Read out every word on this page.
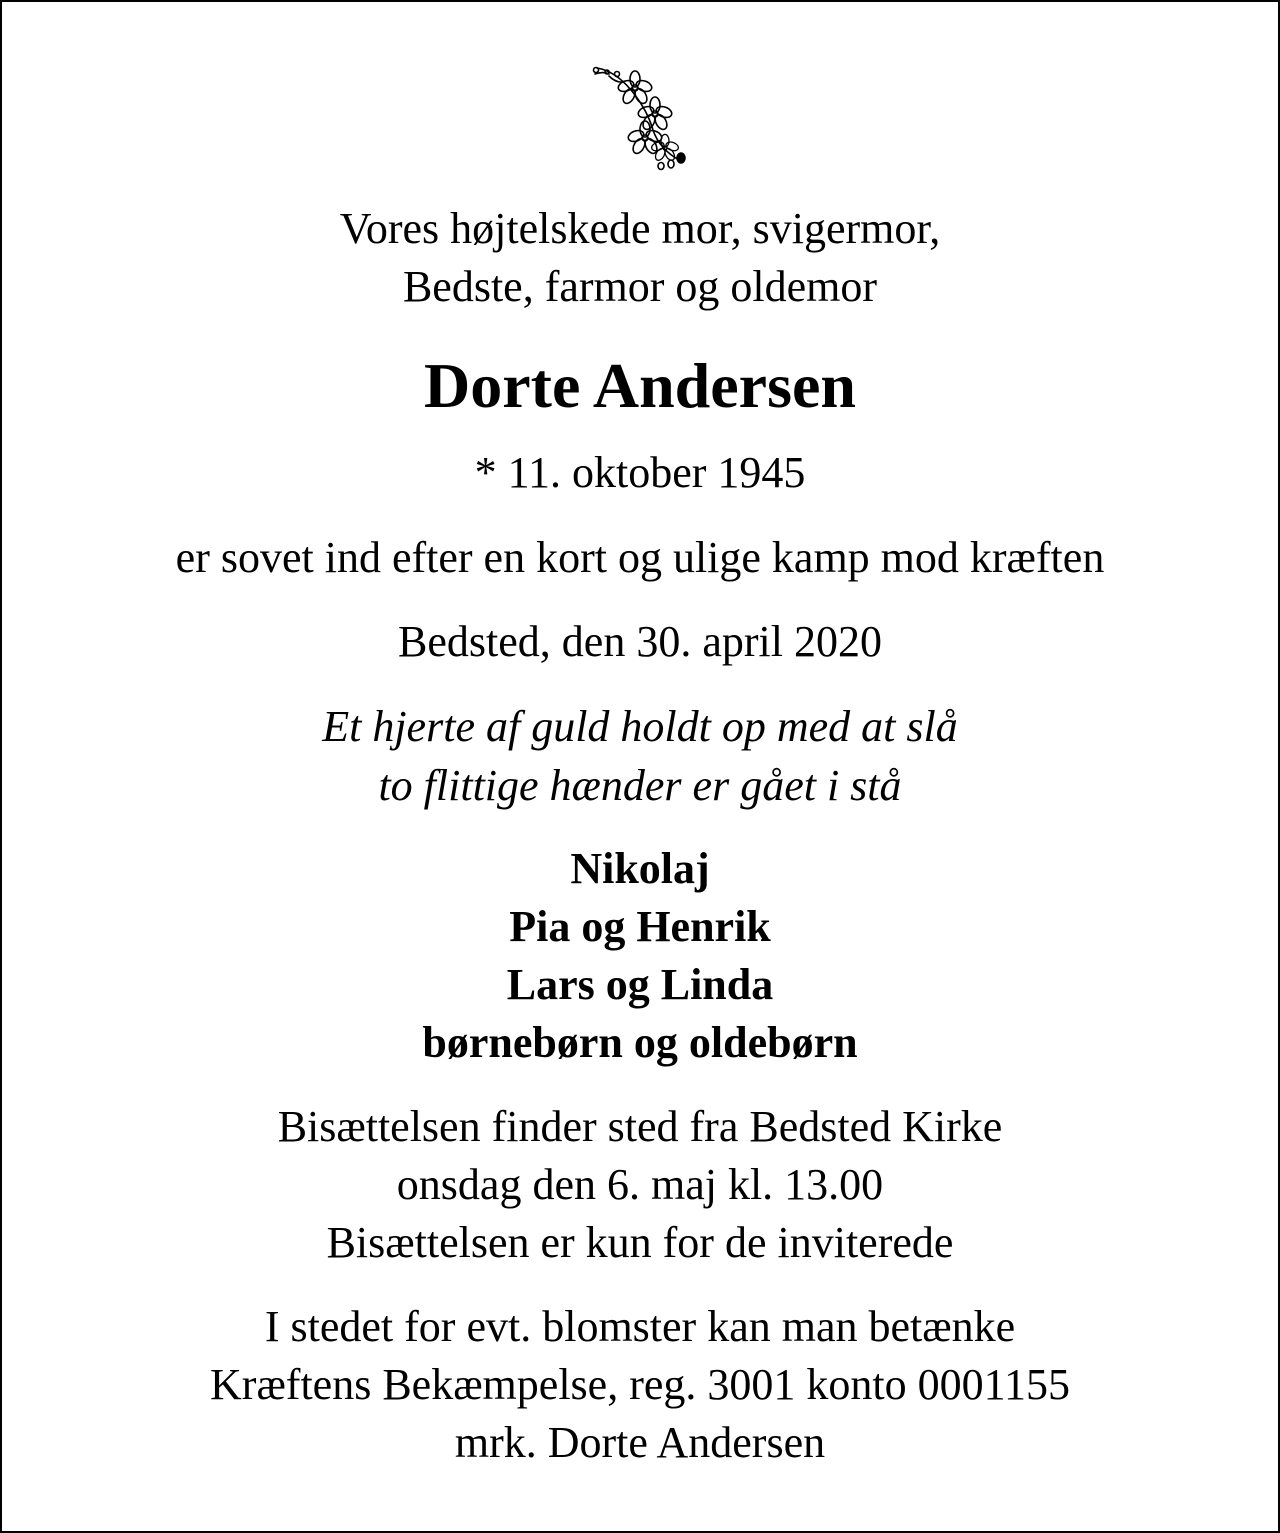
Vores højtelskede mor, svigermor,
Bedste, farmor og oldemor
Dorte Andersen
* 11. oktober 1945
er sovet ind efter en kort og ulige kamp mod kræften
Bedsted, den 30. april 2020
Et hjerte af guld holdt op med at slå
to flittige hænder er gået i stå
Nikolaj
Pia og Henrik
Lars og Linda
børnebørn og oldebørn
Bisættelsen finder sted fra Bedsted Kirke
onsdag den 6. maj kl. 13.00
Bisættelsen er kun for de inviterede
I stedet for evt. blomster kan man betænke
Kræftens Bekæmpelse, reg. 3001 konto 0001155
mrk. Dorte Andersen
